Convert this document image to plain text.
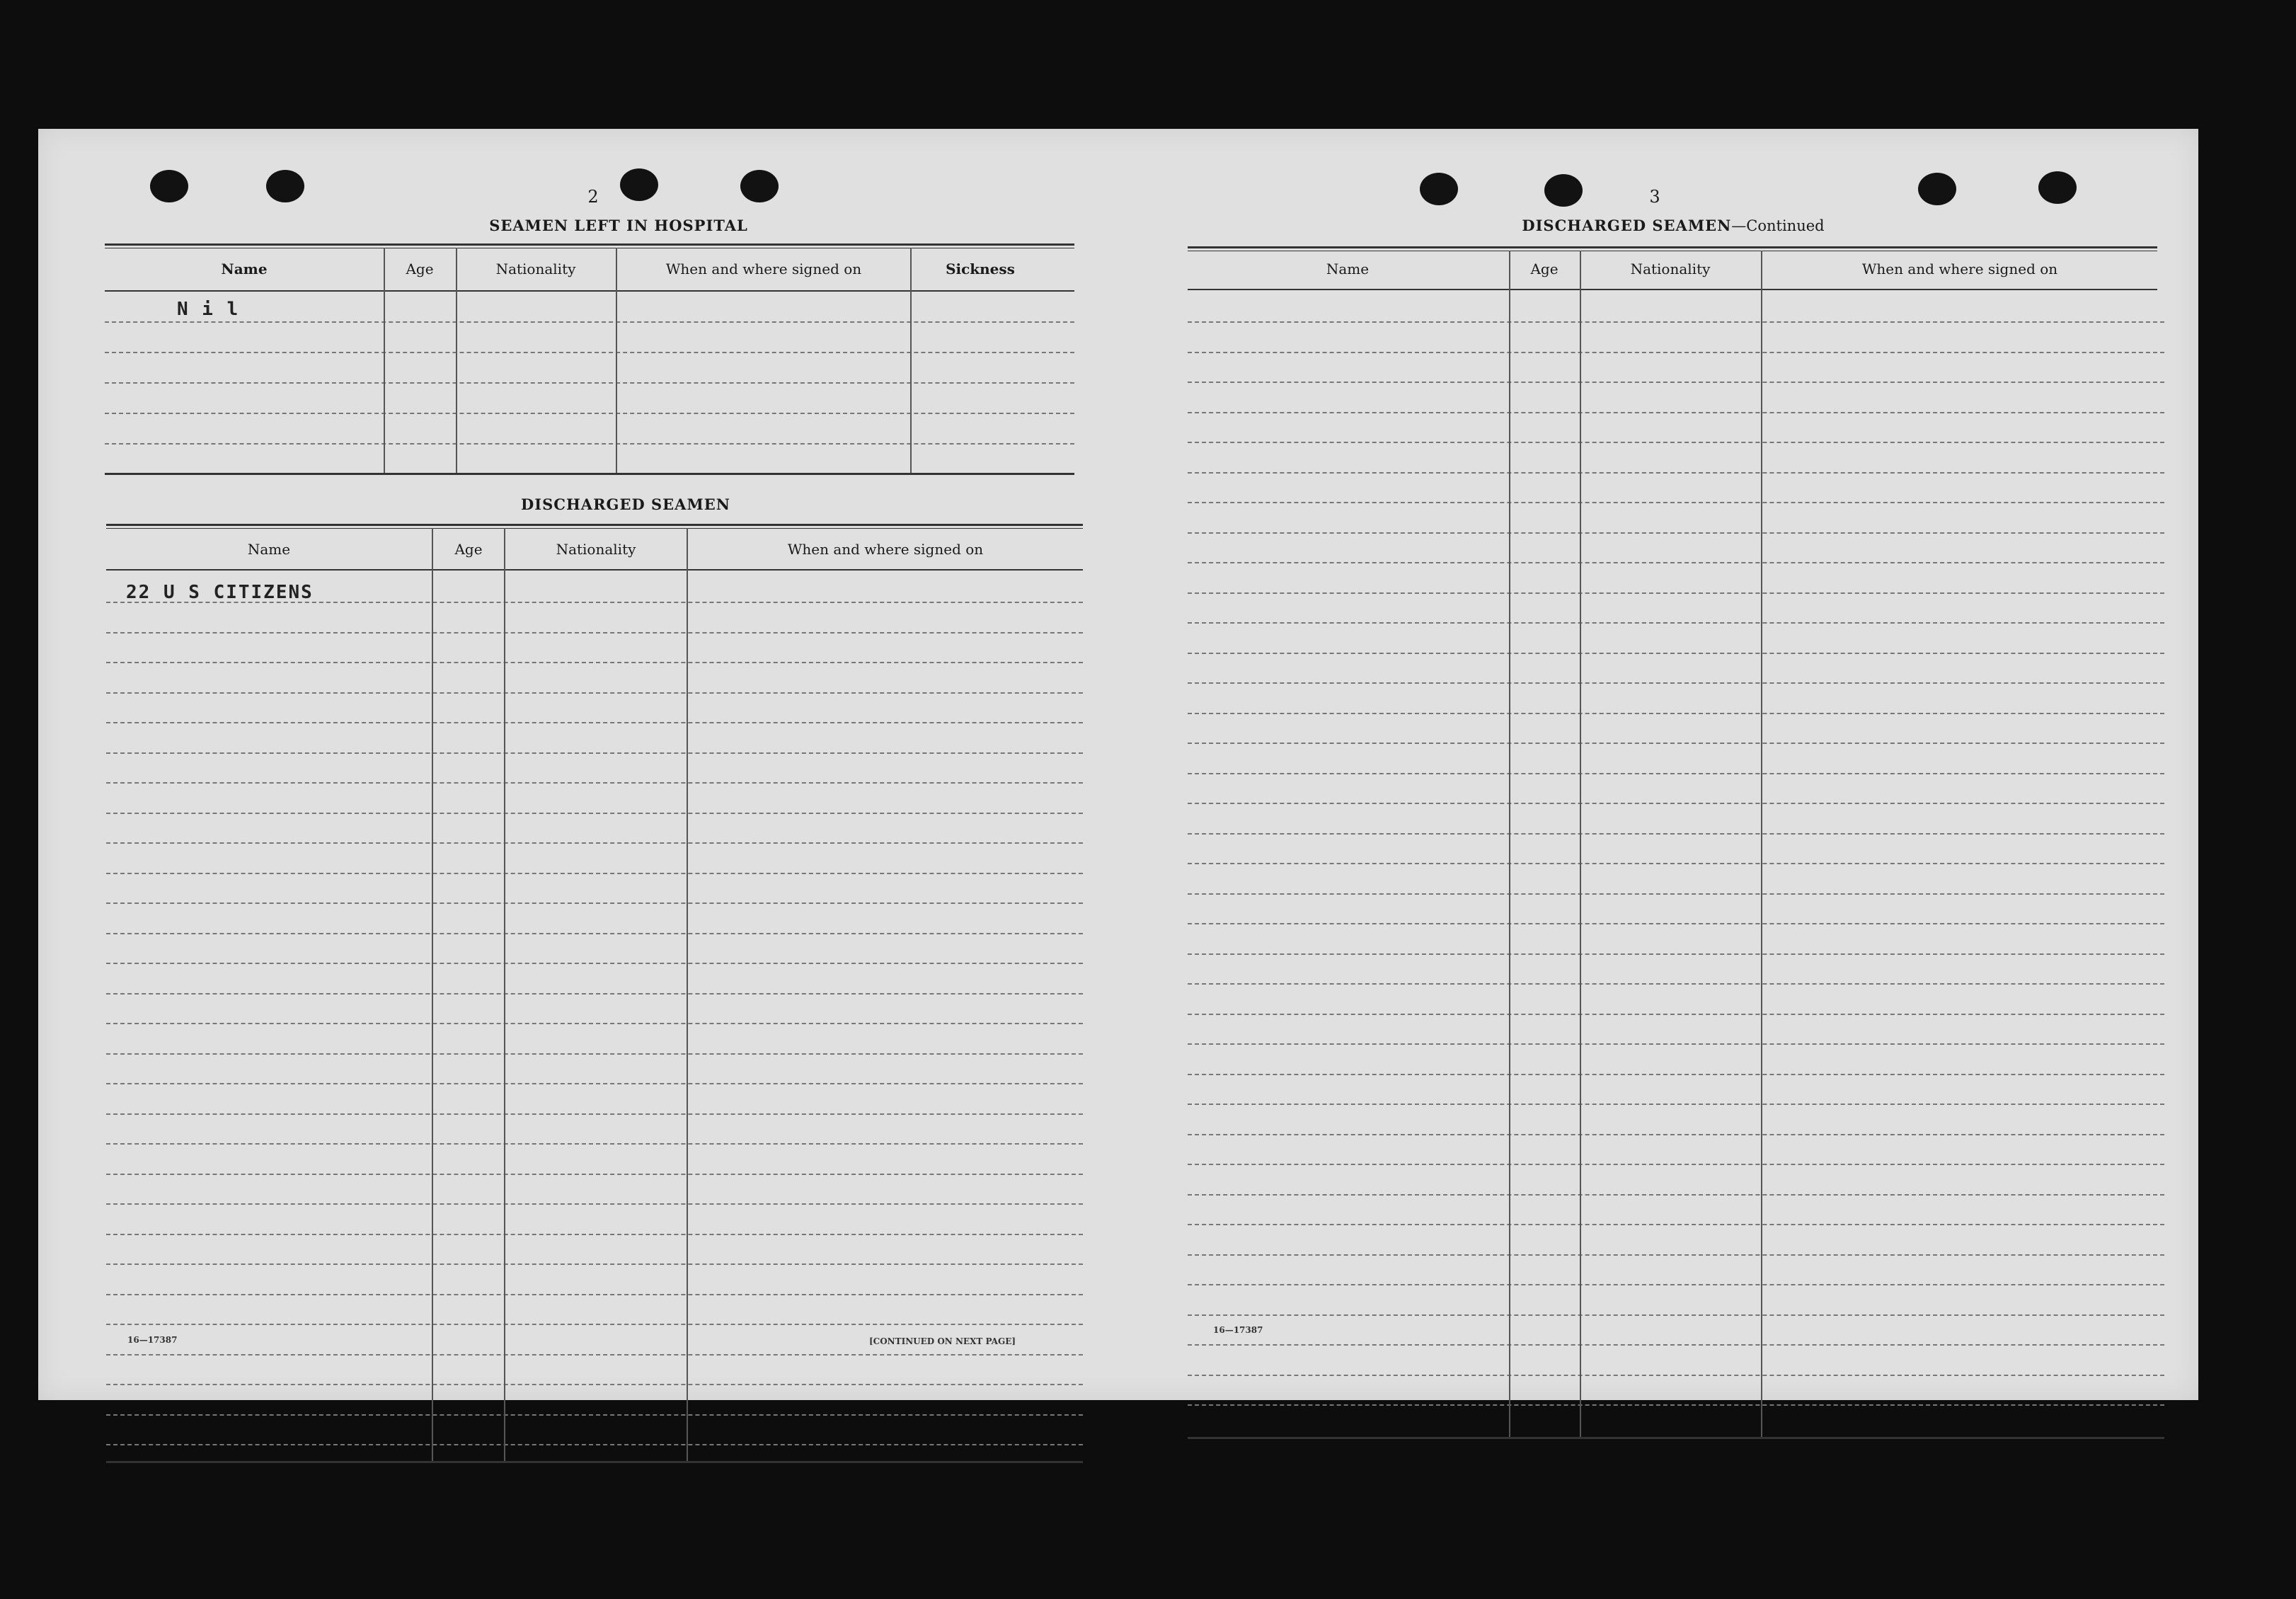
2
SEAMEN LEFT IN HOSPITAL
Name	Age	Nationality	When and where signed on	Sickness
N i l
DISCHARGED SEAMEN
Name	Age	Nationality	When and where signed on
22 U S CITIZENS
16—17387	[CONTINUED ON NEXT PAGE]
3
DISCHARGED SEAMEN—Continued
Name	Age	Nationality	When and where signed on
16—17387
